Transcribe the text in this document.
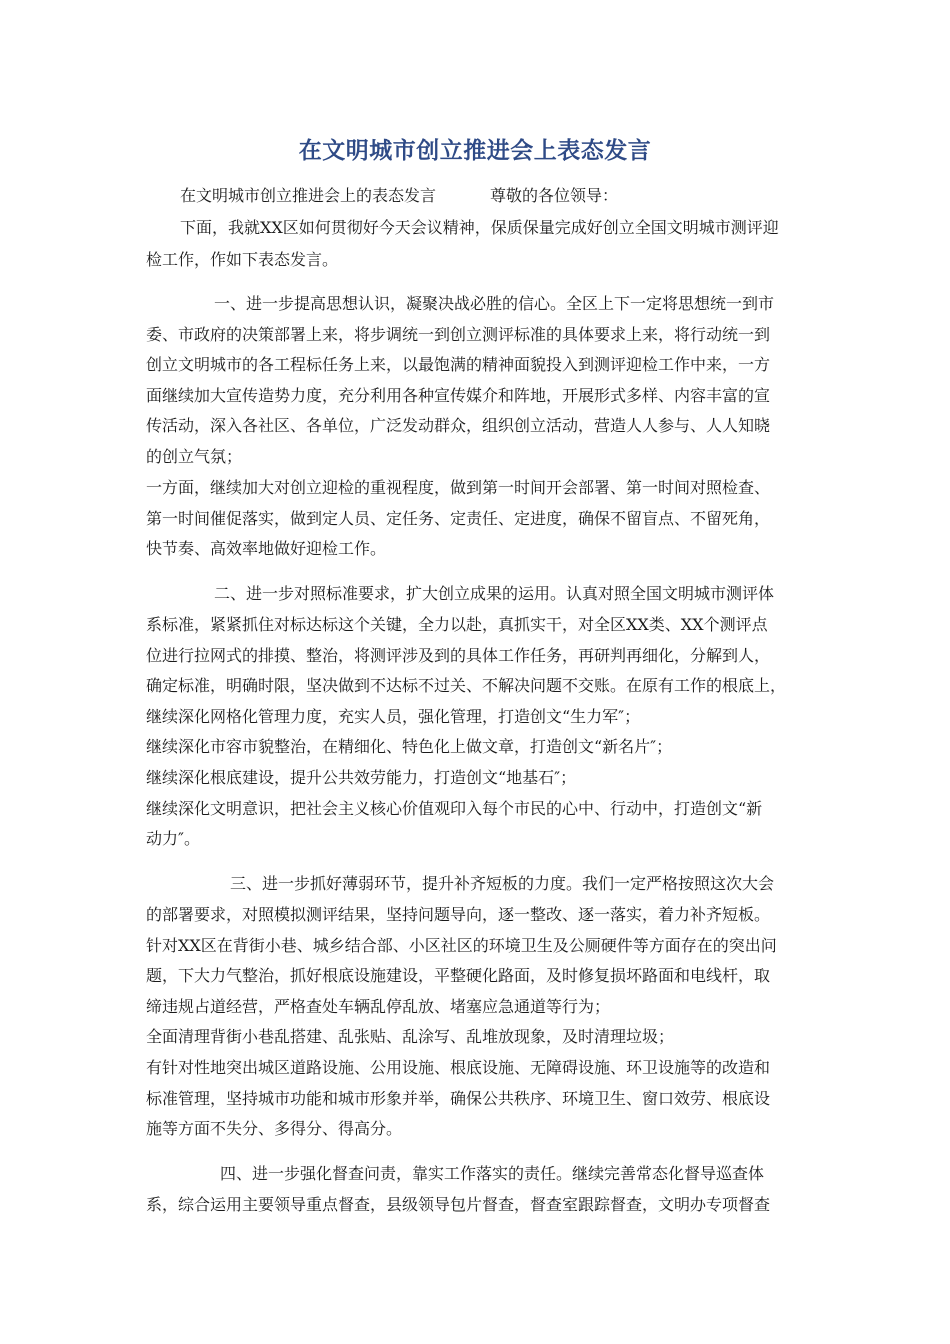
在文明城市创立推进会上表态发言
在文明城市创立推进会上的表态发言	尊敬的各位领导：
下面，我就XX区如何贯彻好今天会议精神，保质保量完成好创立全国文明城市测评迎
检工作，作如下表态发言。
一、进一步提高思想认识，凝聚决战必胜的信心。全区上下一定将思想统一到市
委、市政府的决策部署上来，将步调统一到创立测评标准的具体要求上来，将行动统一到
创立文明城市的各工程标任务上来，以最饱满的精神面貌投入到测评迎检工作中来，一方
面继续加大宣传造势力度，充分利用各种宣传媒介和阵地，开展形式多样、内容丰富的宣
传活动，深入各社区、各单位，广泛发动群众，组织创立活动，营造人人参与、人人知晓
的创立气氛；
一方面，继续加大对创立迎检的重视程度，做到第一时间开会部署、第一时间对照检查、
第一时间催促落实，做到定人员、定任务、定责任、定进度，确保不留盲点、不留死角，
快节奏、高效率地做好迎检工作。
二、进一步对照标准要求，扩大创立成果的运用。认真对照全国文明城市测评体
系标准，紧紧抓住对标达标这个关键，全力以赴，真抓实干，对全区XX类、XX个测评点
位进行拉网式的排摸、整治，将测评涉及到的具体工作任务，再研判再细化，分解到人，
确定标准，明确时限，坚决做到不达标不过关、不解决问题不交账。在原有工作的根底上，
继续深化网格化管理力度，充实人员，强化管理，打造创文“生力军″；
继续深化市容市貌整治，在精细化、特色化上做文章，打造创文“新名片″；
继续深化根底建设，提升公共效劳能力，打造创文“地基石″；
继续深化文明意识，把社会主义核心价值观印入每个市民的心中、行动中，打造创文“新
动力″。
三、进一步抓好薄弱环节，提升补齐短板的力度。我们一定严格按照这次大会
的部署要求，对照模拟测评结果，坚持问题导向，逐一整改、逐一落实，着力补齐短板。
针对XX区在背街小巷、城乡结合部、小区社区的环境卫生及公厕硬件等方面存在的突出问
题，下大力气整治，抓好根底设施建设，平整硬化路面，及时修复损坏路面和电线杆，取
缔违规占道经营，严格查处车辆乱停乱放、堵塞应急通道等行为；
全面清理背街小巷乱搭建、乱张贴、乱涂写、乱堆放现象，及时清理垃圾；
有针对性地突出城区道路设施、公用设施、根底设施、无障碍设施、环卫设施等的改造和
标准管理，坚持城市功能和城市形象并举，确保公共秩序、环境卫生、窗口效劳、根底设
施等方面不失分、多得分、得高分。
四、进一步强化督查问责，靠实工作落实的责任。继续完善常态化督导巡查体
系，综合运用主要领导重点督查，县级领导包片督查，督查室跟踪督查，文明办专项督查
